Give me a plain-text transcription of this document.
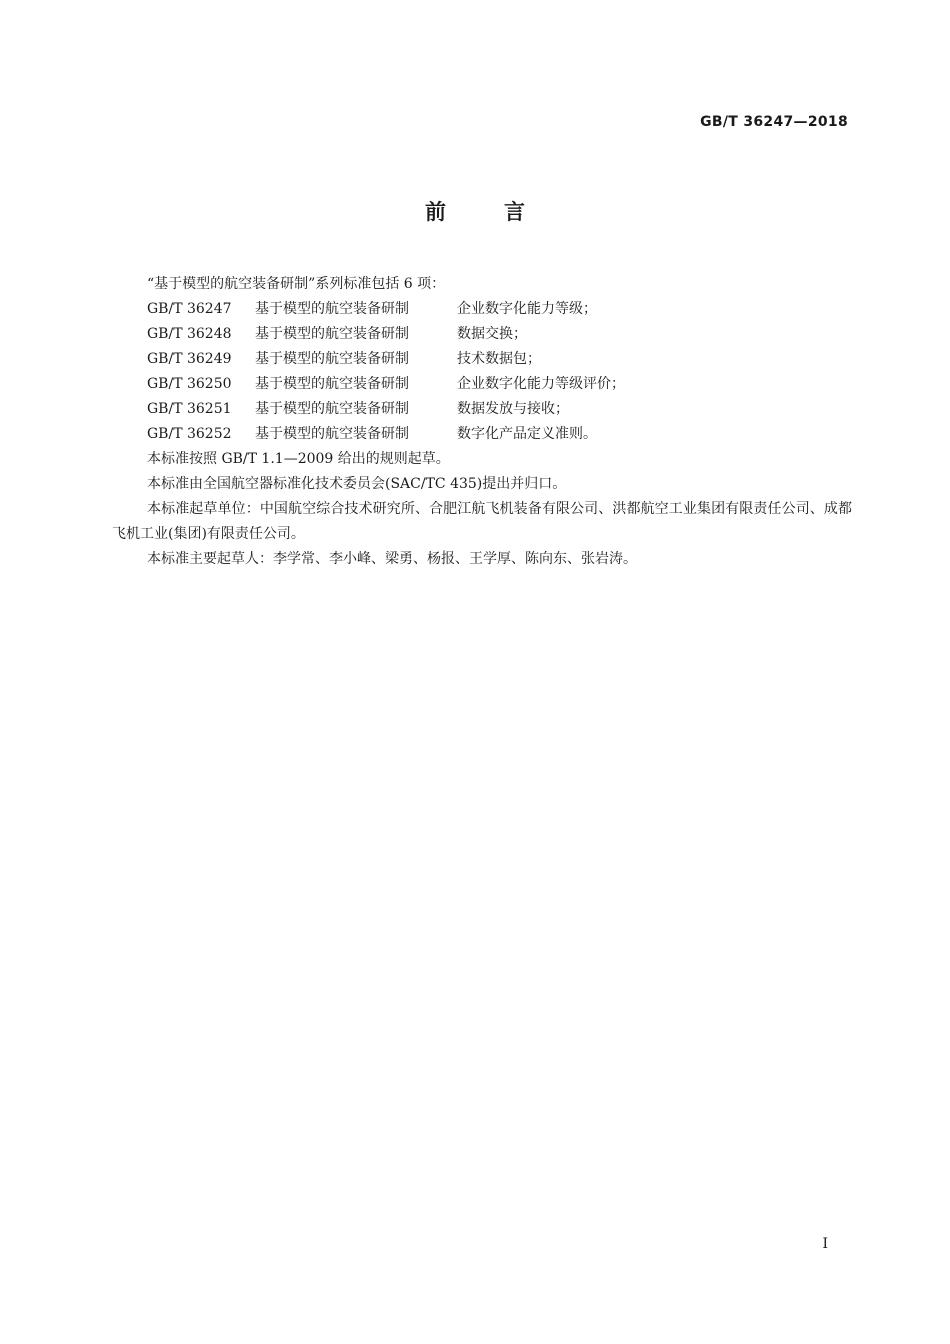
GB/T 36247—2018
前言

“基于模型的航空装备研制”系列标准包括 6 项：

GB/T 36247 基于模型的航空装备研制	企业数字化能力等级；

GB/T 36248 基于模型的航空装备研制	数据交换；

GB/T 36249 基于模型的航空装备研制	技术数据包；

GB/T 36250 基于模型的航空装备研制	企业数字化能力等级评价；

GB/T 36251 基于模型的航空装备研制	数据发放与接收；

GB/T 36252 基于模型的航空装备研制	数字化产品定义准则。

本标准按照 GB/T 1.1—2009 给出的规则起草。

本标准由全国航空器标准化技术委员会(SAC/TC 435)提出并归口。

本标准起草单位：中国航空综合技术研究所、合肥江航飞机装备有限公司、洪都航空工业集团有限责任公司、成都飞机工业(集团)有限责任公司。

本标准主要起草人：李学常、李小峰、梁勇、杨报、王学厚、陈向东、张岩涛。

I
